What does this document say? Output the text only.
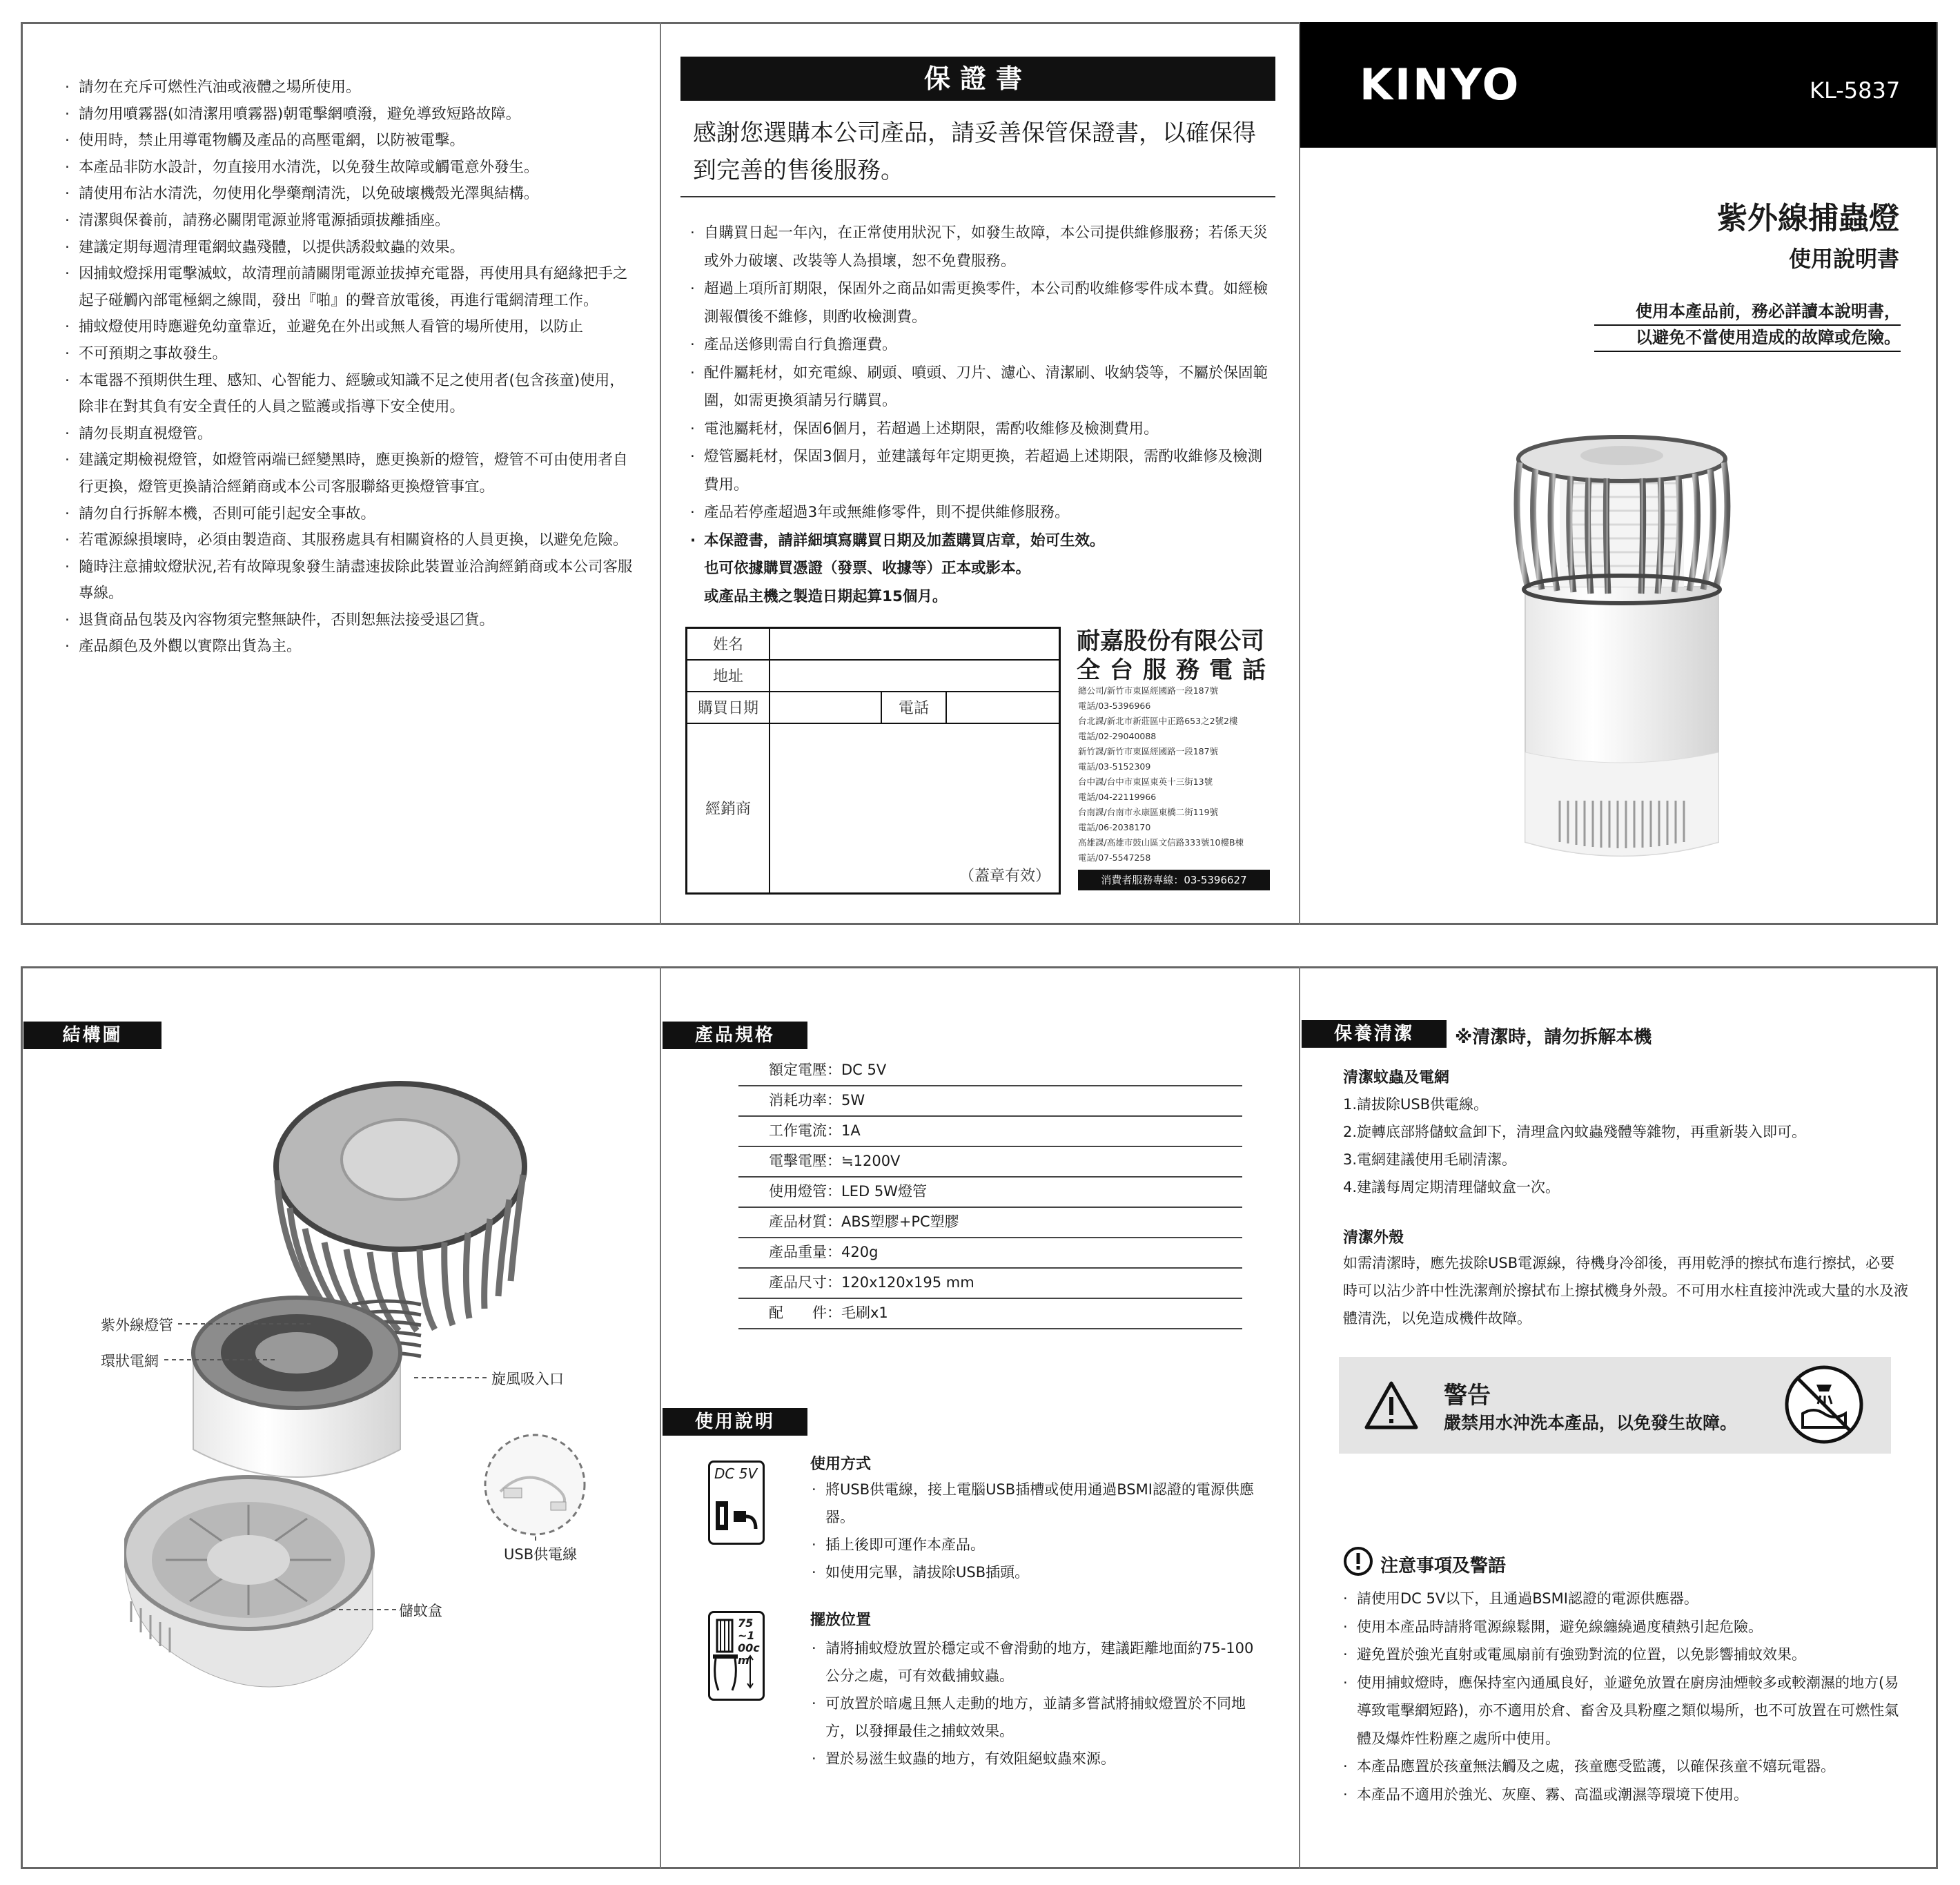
· 請勿在充斥可燃性汽油或液體之場所使用。
· 請勿用噴霧器(如清潔用噴霧器)朝電擊網噴潑，避免導致短路故障。
· 使用時，禁止用導電物觸及產品的高壓電網，以防被電擊。
· 本產品非防水設計，勿直接用水清洗，以免發生故障或觸電意外發生。
· 請使用布沾水清洗，勿使用化學藥劑清洗，以免破壞機殼光澤與結構。
· 清潔與保養前，請務必關閉電源並將電源插頭拔離插座。
· 建議定期每週清理電網蚊蟲殘體，以提供誘殺蚊蟲的效果。
· 因捕蚊燈採用電擊滅蚊，故清理前請關閉電源並拔掉充電器，再使用具有絕緣把手之起子碰觸內部電極網之線間，發出『啪』的聲音放電後，再進行電網清理工作。
· 捕蚊燈使用時應避免幼童靠近，並避免在外出或無人看管的場所使用，以防止
· 不可預期之事故發生。
· 本電器不預期供生理、感知、心智能力、經驗或知識不足之使用者(包含孩童)使用，除非在對其負有安全責任的人員之監護或指導下安全使用。
· 請勿長期直視燈管。
· 建議定期檢視燈管，如燈管兩端已經變黑時，應更換新的燈管，燈管不可由使用者自行更換，燈管更換請洽經銷商或本公司客服聯絡更換燈管事宜。
· 請勿自行拆解本機，否則可能引起安全事故。
· 若電源線損壞時，必須由製造商、其服務處具有相關資格的人員更換，以避免危險。
· 隨時注意捕蚊燈狀況,若有故障現象發生請盡速拔除此裝置並洽詢經銷商或本公司客服專線。
· 退貨商品包裝及內容物須完整無缺件，否則恕無法接受退〼貨。
· 產品顏色及外觀以實際出貨為主。
保證書
感謝您選購本公司產品，請妥善保管保證書，以確保得到完善的售後服務。
· 自購買日起一年內，在正常使用狀況下，如發生故障，本公司提供維修服務；若係天災或外力破壞、改裝等人為損壞，恕不免費服務。
· 超過上項所訂期限，保固外之商品如需更換零件，本公司酌收維修零件成本費。如經檢測報價後不維修，則酌收檢測費。
· 產品送修則需自行負擔運費。
· 配件屬耗材，如充電線、刷頭、噴頭、刀片、濾心、清潔刷、收納袋等，不屬於保固範圍，如需更換須請另行購買。
· 電池屬耗材，保固6個月，若超過上述期限，需酌收維修及檢測費用。
· 燈管屬耗材，保固3個月，並建議每年定期更換，若超過上述期限，需酌收維修及檢測費用。
· 產品若停產超過3年或無維修零件，則不提供維修服務。
· 本保證書，請詳細填寫購買日期及加蓋購買店章，始可生效。
也可依據購買憑證（發票、收據等）正本或影本。
或產品主機之製造日期起算15個月。
姓名			
地址			
購買日期		電話	
經銷商	（蓋章有效）		
耐嘉股份有限公司
全台服務電話
總公司/新竹市東區經國路一段187號
電話/03-5396966
台北課/新北市新莊區中正路653之2號2樓
電話/02-29040088
新竹課/新竹市東區經國路一段187號
電話/03-5152309
台中課/台中市東區東英十三街13號
電話/04-22119966
台南課/台南市永康區東橋二街119號
電話/06-2038170
高雄課/高雄市鼓山區文信路333號10樓B棟
電話/07-5547258
消費者服務專線：03-5396627
KINYO	KL-5837
紫外線捕蟲燈
使用說明書
使用本產品前，務必詳讀本說明書，
以避免不當使用造成的故障或危險。
結構圖
紫外線燈管
環狀電網
旋風吸入口
USB供電線
儲蚊盒
產品規格
額定電壓 ： DC 5V
消耗功率 ： 5W
工作電流 ： 1A
電擊電壓 ： ≒1200V
使用燈管 ： LED 5W燈管
產品材質 ： ABS塑膠+PC塑膠
產品重量 ： 420g
產品尺寸 ： 120x120x195 mm
配　　件 ： 毛刷x1
使用說明
DC 5V
使用方式
· 將USB供電線，接上電腦USB插槽或使用通過BSMI認證的電源供應器。
· 插上後即可運作本產品。
· 如使用完畢，請拔除USB插頭。
75~100cm
擺放位置
· 請將捕蚊燈放置於穩定或不會滑動的地方，建議距離地面約75-100公分之處，可有效截捕蚊蟲。
· 可放置於暗處且無人走動的地方，並請多嘗試將捕蚊燈置於不同地方，以發揮最佳之捕蚊效果。
· 置於易滋生蚊蟲的地方，有效阻絕蚊蟲來源。
保養清潔	※清潔時，請勿拆解本機
清潔蚊蟲及電網
1.請拔除USB供電線。
2.旋轉底部將儲蚊盒卸下，清理盒內蚊蟲殘體等雜物，再重新裝入即可。
3.電網建議使用毛刷清潔。
4.建議每周定期清理儲蚊盒一次。
清潔外殼
如需清潔時，應先拔除USB電源線，待機身冷卻後，再用乾淨的擦拭布進行擦拭，必要時可以沾少許中性洗潔劑於擦拭布上擦拭機身外殼。不可用水柱直接沖洗或大量的水及液體清洗，以免造成機件故障。
警告
嚴禁用水沖洗本產品，以免發生故障。
注意事項及警語
· 請使用DC 5V以下，且通過BSMI認證的電源供應器。
· 使用本產品時請將電源線鬆開，避免線纏繞過度積熱引起危險。
· 避免置於強光直射或電風扇前有強勁對流的位置，以免影響捕蚊效果。
· 使用捕蚊燈時，應保持室內通風良好，並避免放置在廚房油煙較多或較潮濕的地方(易導致電擊網短路)，亦不適用於倉、畜舍及具粉塵之類似場所，也不可放置在可燃性氣體及爆炸性粉塵之處所中使用。
· 本產品應置於孩童無法觸及之處，孩童應受監護，以確保孩童不嬉玩電器。
· 本產品不適用於強光、灰塵、霧、高溫或潮濕等環境下使用。
